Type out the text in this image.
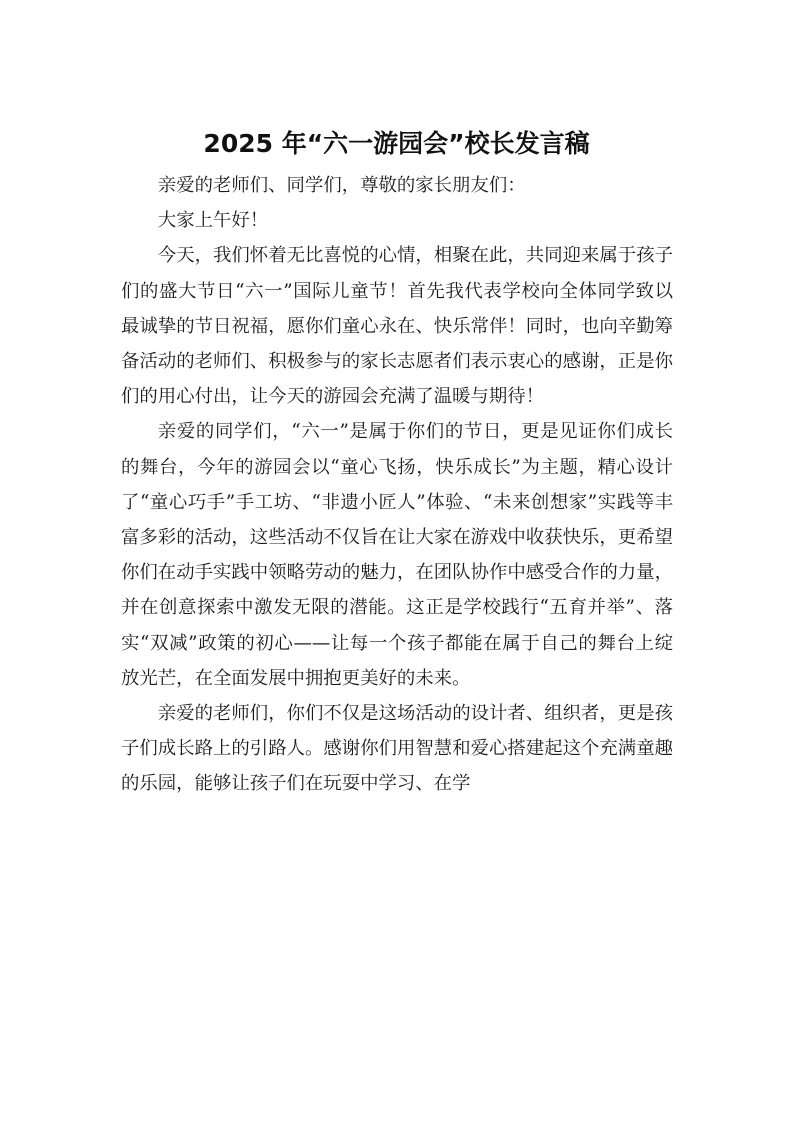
2025 年“六一游园会”校长发言稿

亲爱的老师们、同学们，尊敬的家长朋友们：

大家上午好！

今天，我们怀着无比喜悦的心情，相聚在此，共同迎来属于孩子们的盛大节日“六一”国际儿童节！首先我代表学校向全体同学致以最诚挚的节日祝福，愿你们童心永在、快乐常伴！同时，也向辛勤筹备活动的老师们、积极参与的家长志愿者们表示衷心的感谢，正是你们的用心付出，让今天的游园会充满了温暖与期待！

亲爱的同学们，“六一”是属于你们的节日，更是见证你们成长的舞台，今年的游园会以“童心飞扬，快乐成长”为主题，精心设计了“童心巧手”手工坊、“非遗小匠人”体验、“未来创想家”实践等丰富多彩的活动，这些活动不仅旨在让大家在游戏中收获快乐，更希望你们在动手实践中领略劳动的魅力，在团队协作中感受合作的力量，并在创意探索中激发无限的潜能。这正是学校践行“五育并举”、落实“双减”政策的初心——让每一个孩子都能在属于自己的舞台上绽放光芒，在全面发展中拥抱更美好的未来。

亲爱的老师们，你们不仅是这场活动的设计者、组织者，更是孩子们成长路上的引路人。感谢你们用智慧和爱心搭建起这个充满童趣的乐园，能够让孩子们在玩耍中学习、在学
